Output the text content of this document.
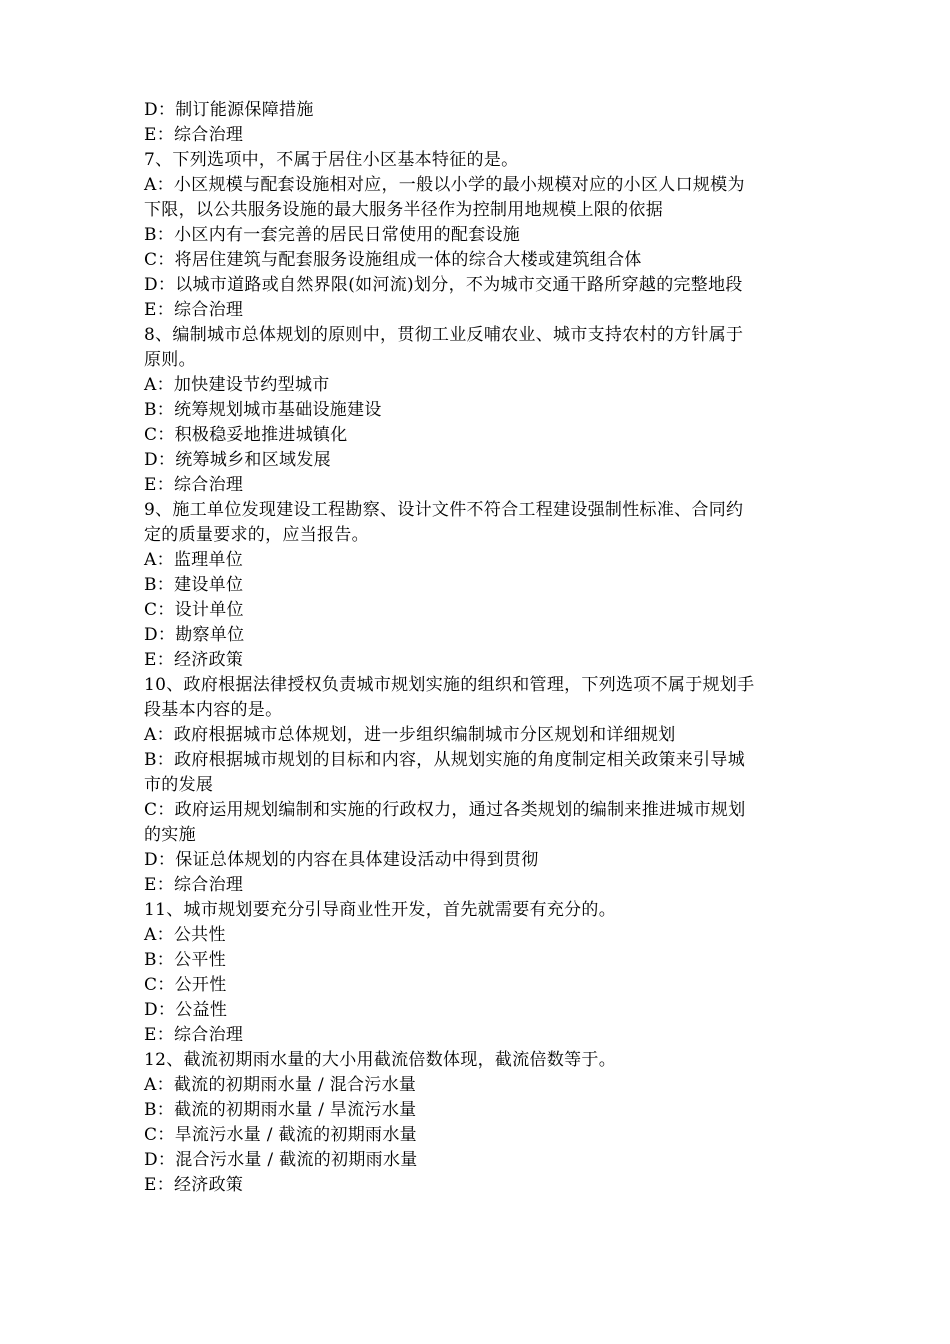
D：制订能源保障措施
E：综合治理
7、下列选项中，不属于居住小区基本特征的是。
A：小区规模与配套设施相对应，一般以小学的最小规模对应的小区人口规模为
下限，以公共服务设施的最大服务半径作为控制用地规模上限的依据
B：小区内有一套完善的居民日常使用的配套设施
C：将居住建筑与配套服务设施组成一体的综合大楼或建筑组合体
D：以城市道路或自然界限(如河流)划分，不为城市交通干路所穿越的完整地段
E：综合治理
8、编制城市总体规划的原则中，贯彻工业反哺农业、城市支持农村的方针属于
原则。
A：加快建设节约型城市
B：统筹规划城市基础设施建设
C：积极稳妥地推进城镇化
D：统筹城乡和区域发展
E：综合治理
9、施工单位发现建设工程勘察、设计文件不符合工程建设强制性标准、合同约
定的质量要求的，应当报告。
A：监理单位
B：建设单位
C：设计单位
D：勘察单位
E：经济政策
10、政府根据法律授权负责城市规划实施的组织和管理，下列选项不属于规划手
段基本内容的是。
A：政府根据城市总体规划，进一步组织编制城市分区规划和详细规划
B：政府根据城市规划的目标和内容，从规划实施的角度制定相关政策来引导城
市的发展
C：政府运用规划编制和实施的行政权力，通过各类规划的编制来推进城市规划
的实施
D：保证总体规划的内容在具体建设活动中得到贯彻
E：综合治理
11、城市规划要充分引导商业性开发，首先就需要有充分的。
A：公共性
B：公平性
C：公开性
D：公益性
E：综合治理
12、截流初期雨水量的大小用截流倍数体现，截流倍数等于。
A：截流的初期雨水量 / 混合污水量
B：截流的初期雨水量 / 旱流污水量
C：旱流污水量 / 截流的初期雨水量
D：混合污水量 / 截流的初期雨水量
E：经济政策
